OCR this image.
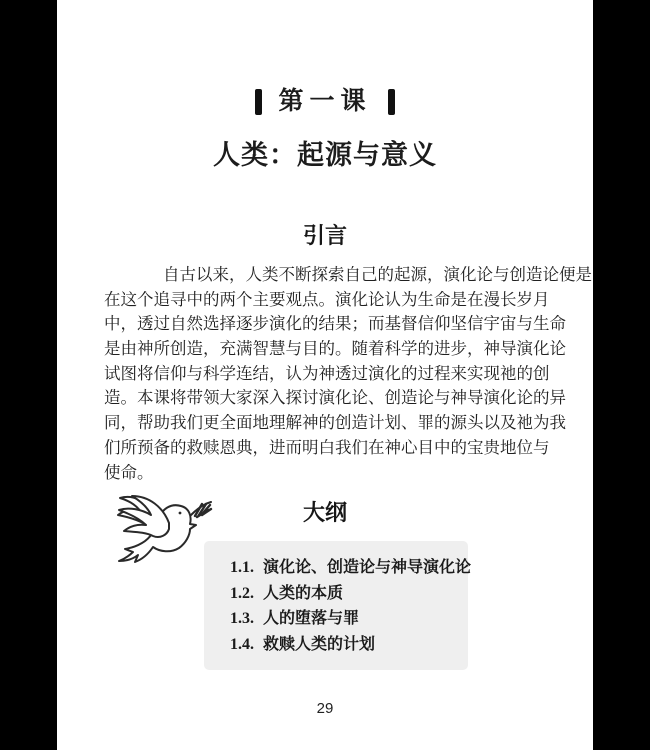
第一课
人类：起源与意义
引言
自古以来，人类不断探索自己的起源，演化论与创造论便是
在这个追寻中的两个主要观点。演化论认为生命是在漫长岁月
中，透过自然选择逐步演化的结果；而基督信仰坚信宇宙与生命
是由神所创造，充满智慧与目的。随着科学的进步，神导演化论
试图将信仰与科学连结，认为神透过演化的过程来实现祂的创
造。本课将带领大家深入探讨演化论、创造论与神导演化论的异
同，帮助我们更全面地理解神的创造计划、罪的源头以及祂为我
们所预备的救赎恩典，进而明白我们在神心目中的宝贵地位与
使命。
大纲
1.1. 演化论、创造论与神导演化论
1.2. 人类的本质
1.3. 人的堕落与罪
1.4. 救赎人类的计划
29
